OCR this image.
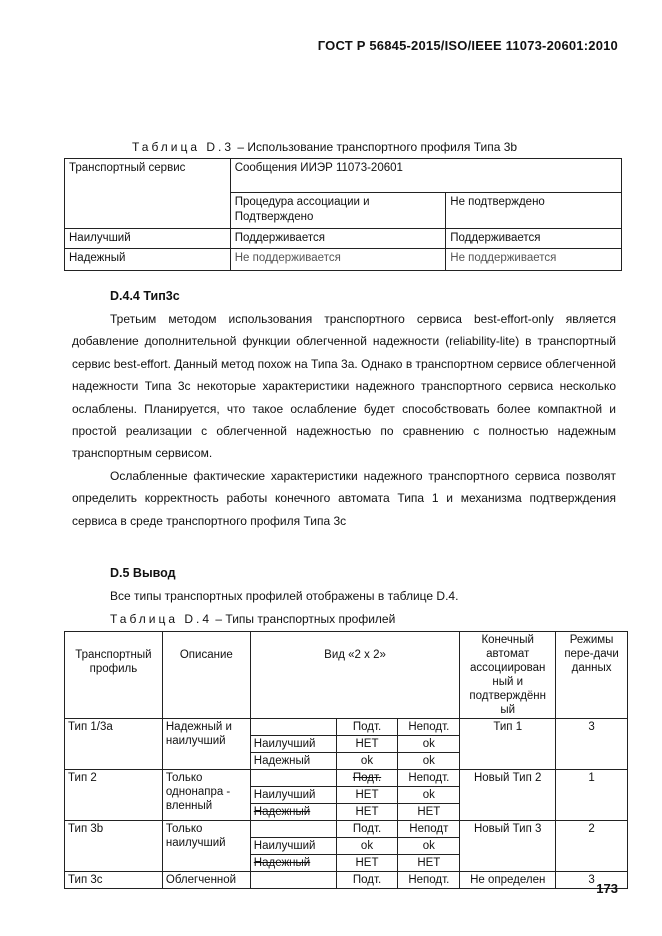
ГОСТ Р 56845-2015/ISO/IEEE 11073-20601:2010
Таблица D.3 – Использование транспортного профиля Типа 3b
Транспортный сервис	Сообщения ИИЭР 11073-20601	
	Процедура ассоциации и Подтверждено	Не подтверждено
Наилучший	Поддерживается	Поддерживается
Надежный	Не поддерживается	Не поддерживается
D.4.4 Тип3с

Третьим методом использования транспортного сервиса best-effort-only является добавление дополнительной функции облегченной надежности (reliability-lite) в транспортный сервис best-effort. Данный метод похож на Типа 3a. Однако в транспортном сервисе облегченной надежности Типа 3с некоторые характеристики надежного транспортного сервиса несколько ослаблены. Планируется, что такое ослабление будет способствовать более компактной и простой реализации с облегченной надежностью по сравнению с полностью надежным транспортным сервисом.

Ослабленные фактические характеристики надежного транспортного сервиса позволят определить корректность работы конечного автомата Типа 1 и механизма подтверждения сервиса в среде транспортного профиля Типа 3с

D.5 Вывод
Все типы транспортных профилей отображены в таблице D.4.
Таблица D.4 – Типы транспортных профилей
Транспортный профиль	Описание	Вид «2 x 2»			Конечный автомат ассоциирован ный и подтверждённ ый	Режимы пере-дачи данных
Тип 1/3a	Надежный и наилучший		Подт.	Неподт.	Тип 1	3
		Наилучший	НЕТ	ok		
		Надежный	ok	ok		
Тип 2	Только однонапра - вленный		Подт.	Неподт.	Новый Тип 2	1
		Наилучший	НЕТ	ok		
		Надежный	НЕТ	НЕТ		
Тип 3b	Только наилучший		Подт.	Неподт	Новый Тип 3	2
		Наилучший	ok	ok		
		Надежный	НЕТ	НЕТ		
Тип 3с	Облегченной		Подт.	Неподт.	Не определен	3
173
